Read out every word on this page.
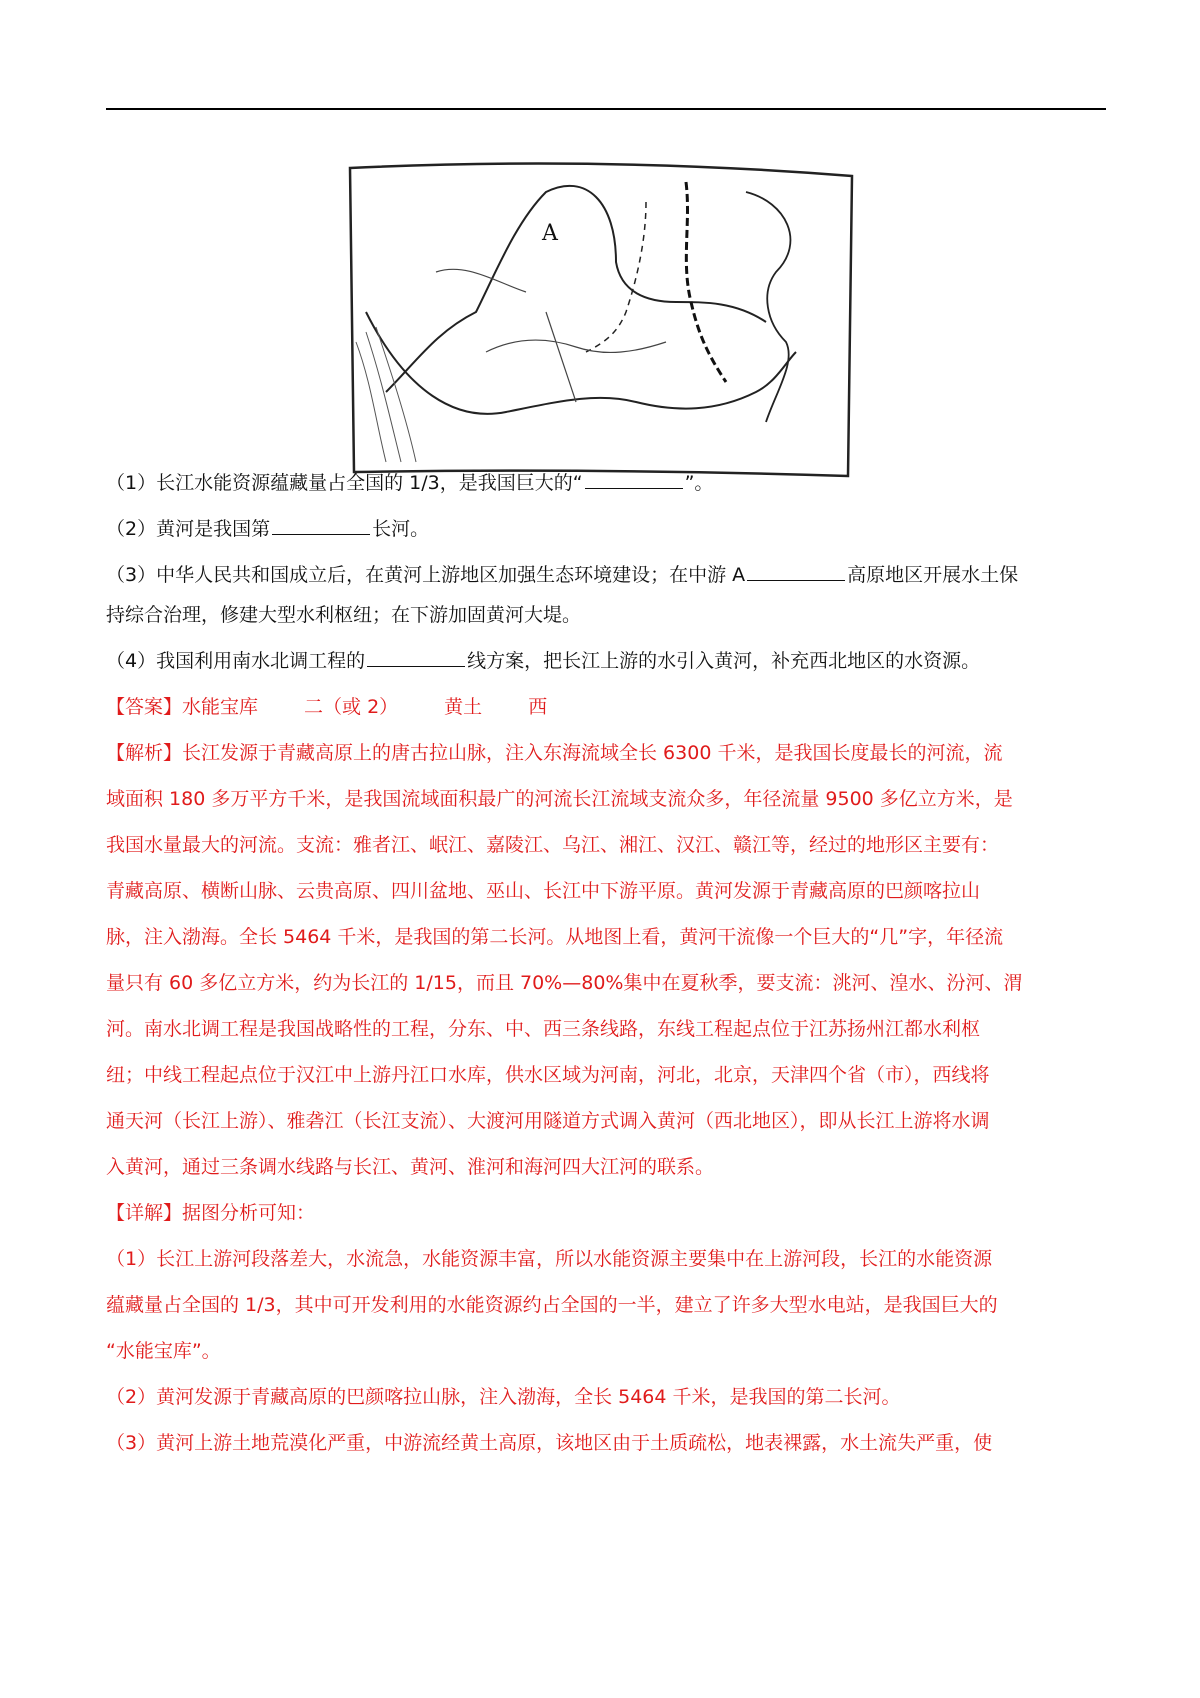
A
（1）长江水能资源蕴藏量占全国的 1/3，是我国巨大的“	”。
（2）黄河是我国第	长河。
（3）中华人民共和国成立后，在黄河上游地区加强生态环境建设；在中游 A	高原地区开展水土保
持综合治理，修建大型水利枢纽；在下游加固黄河大堤。
（4）我国利用南水北调工程的	线方案，把长江上游的水引入黄河，补充西北地区的水资源。
【答案】水能宝库 二（或 2） 黄土 西
【解析】长江发源于青藏高原上的唐古拉山脉，注入东海流域全长 6300 千米，是我国长度最长的河流，流
域面积 180 多万平方千米，是我国流域面积最广的河流长江流域支流众多，年径流量 9500 多亿立方米，是
我国水量最大的河流。支流：雅者江、岷江、嘉陵江、乌江、湘江、汉江、赣江等，经过的地形区主要有：
青藏高原、横断山脉、云贵高原、四川盆地、巫山、长江中下游平原。黄河发源于青藏高原的巴颜喀拉山
脉，注入渤海。全长 5464 千米，是我国的第二长河。从地图上看，黄河干流像一个巨大的“几”字，年径流
量只有 60 多亿立方米，约为长江的 1/15，而且 70%—80%集中在夏秋季，要支流：洮河、湟水、汾河、渭
河。南水北调工程是我国战略性的工程，分东、中、西三条线路，东线工程起点位于江苏扬州江都水利枢
纽；中线工程起点位于汉江中上游丹江口水库，供水区域为河南，河北，北京，天津四个省（市），西线将
通天河（长江上游）、雅砻江（长江支流）、大渡河用隧道方式调入黄河（西北地区），即从长江上游将水调
入黄河，通过三条调水线路与长江、黄河、淮河和海河四大江河的联系。
【详解】据图分析可知：
（1）长江上游河段落差大，水流急，水能资源丰富，所以水能资源主要集中在上游河段，长江的水能资源
蕴藏量占全国的 1/3，其中可开发利用的水能资源约占全国的一半，建立了许多大型水电站，是我国巨大的
“水能宝库”。
（2）黄河发源于青藏高原的巴颜喀拉山脉，注入渤海，全长 5464 千米，是我国的第二长河。
（3）黄河上游土地荒漠化严重，中游流经黄土高原，该地区由于土质疏松，地表裸露，水土流失严重，使
